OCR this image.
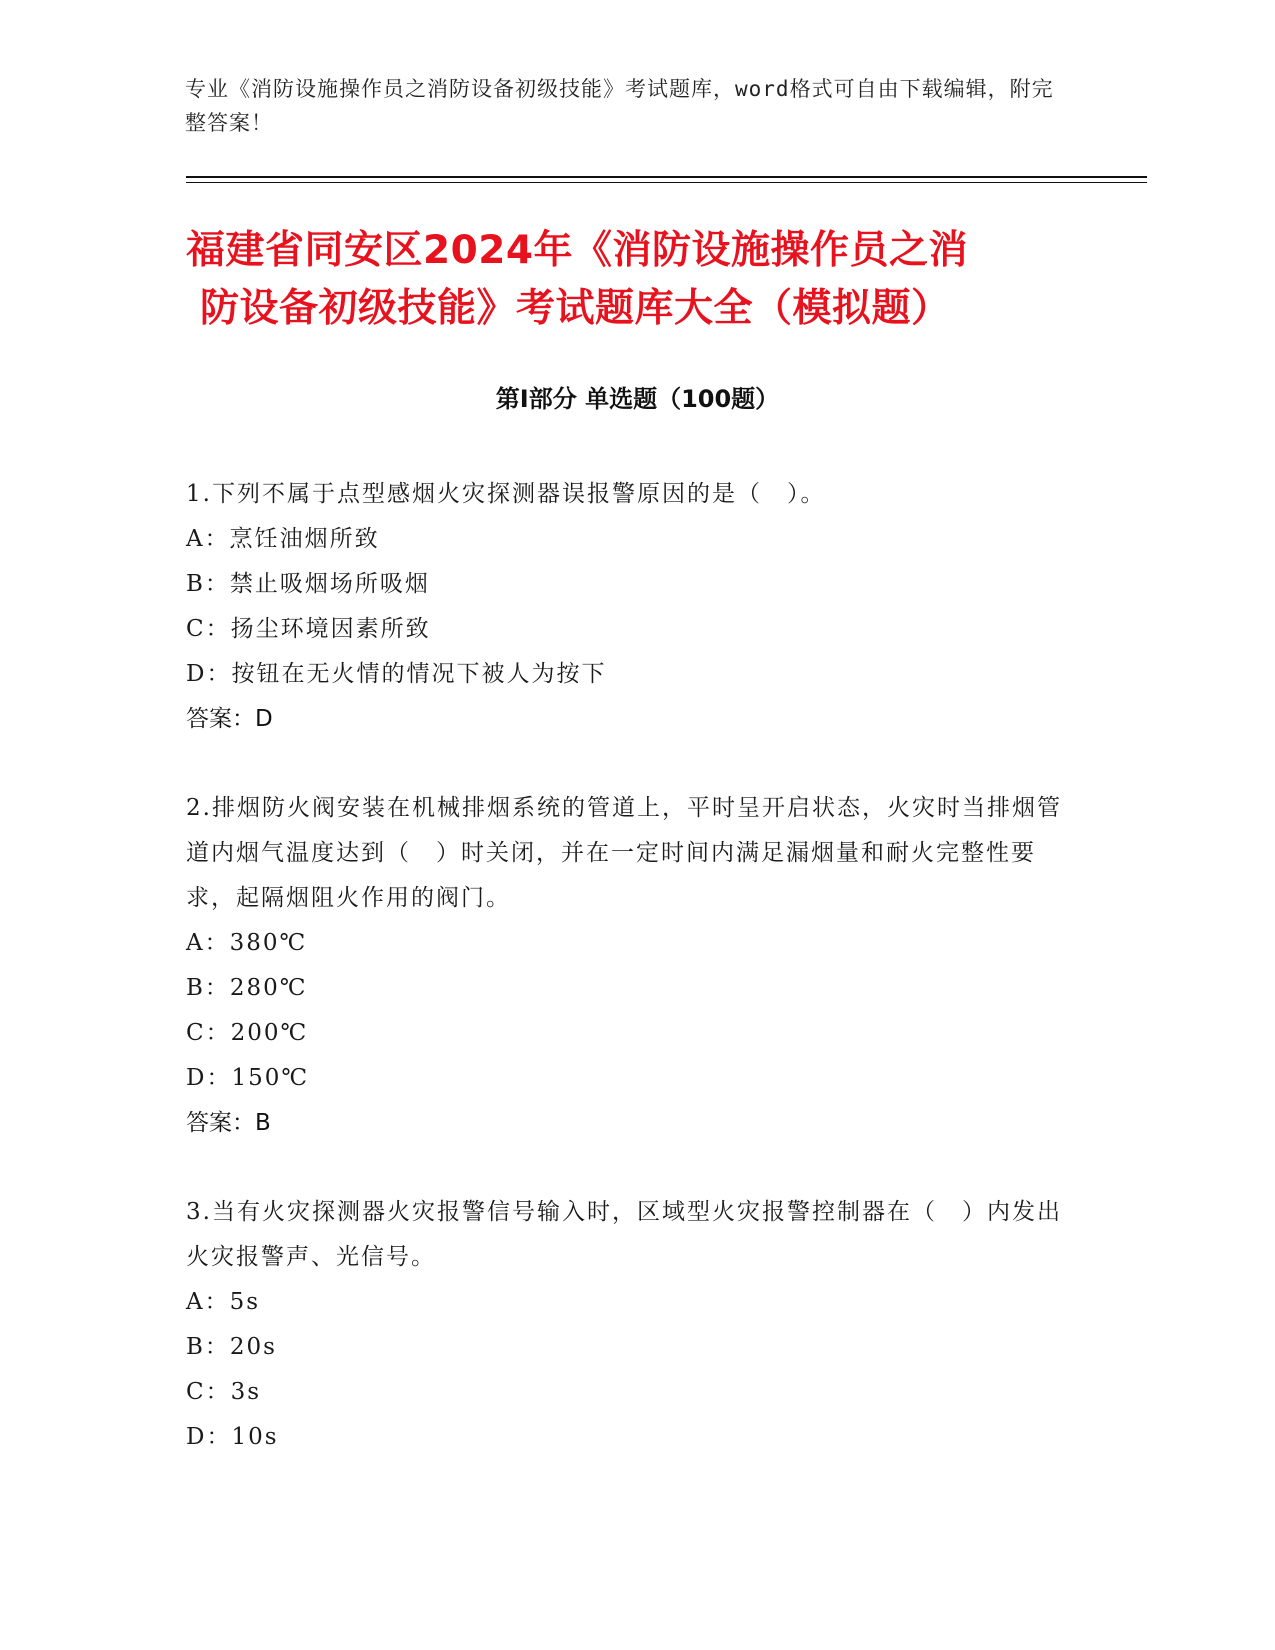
专业《消防设施操作员之消防设备初级技能》考试题库，word格式可自由下载编辑，附完整答案！
福建省同安区2024年《消防设施操作员之消
防设备初级技能》考试题库大全（模拟题）
第I部分 单选题（100题）

1.下列不属于点型感烟火灾探测器误报警原因的是（　）。

A：烹饪油烟所致

B：禁止吸烟场所吸烟

C：扬尘环境因素所致

D：按钮在无火情的情况下被人为按下

答案：D

2.排烟防火阀安装在机械排烟系统的管道上，平时呈开启状态，火灾时当排烟管道内烟气温度达到（　）时关闭，并在一定时间内满足漏烟量和耐火完整性要求，起隔烟阻火作用的阀门。

A：380℃

B：280℃

C：200℃

D：150℃

答案：B

3.当有火灾探测器火灾报警信号输入时，区域型火灾报警控制器在（　）内发出火灾报警声、光信号。

A：5s

B：20s

C：3s

D：10s
